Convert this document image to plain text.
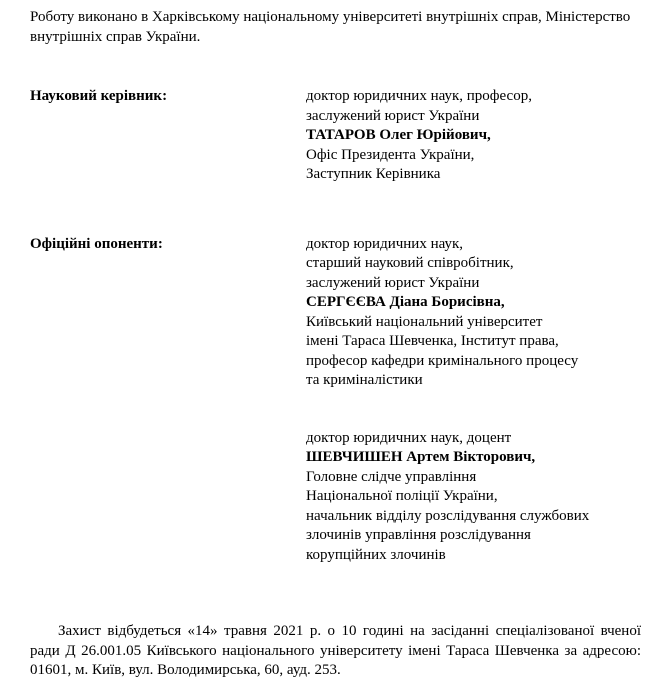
Роботу виконано в Харківському національному університеті внутрішніх справ, Міністерство внутрішніх справ України.

Науковий керівник:	доктор юридичних наук, професор,
заслужений юрист України
ТАТАРОВ Олег Юрійович,
Офіс Президента України,
Заступник Керівника
Офіційні опоненти:	доктор юридичних наук,
старший науковий співробітник,
заслужений юрист України
СЕРГЄЄВА Діана Борисівна,
Київський національний університет
імені Тараса Шевченка, Інститут права,
професор кафедри кримінального процесу
та криміналістики
доктор юридичних наук, доцент
ШЕВЧИШЕН Артем Вікторович,
Головне слідче управління
Національної поліції України,
начальник відділу розслідування службових
злочинів управління розслідування
корупційних злочинів

Захист відбудеться «14» травня 2021 р. о 10 годині на засіданні спеціалізованої вченої ради Д 26.001.05 Київського національного університету імені Тараса Шевченка за адресою: 01601, м. Київ, вул. Володимирська, 60, ауд. 253.
